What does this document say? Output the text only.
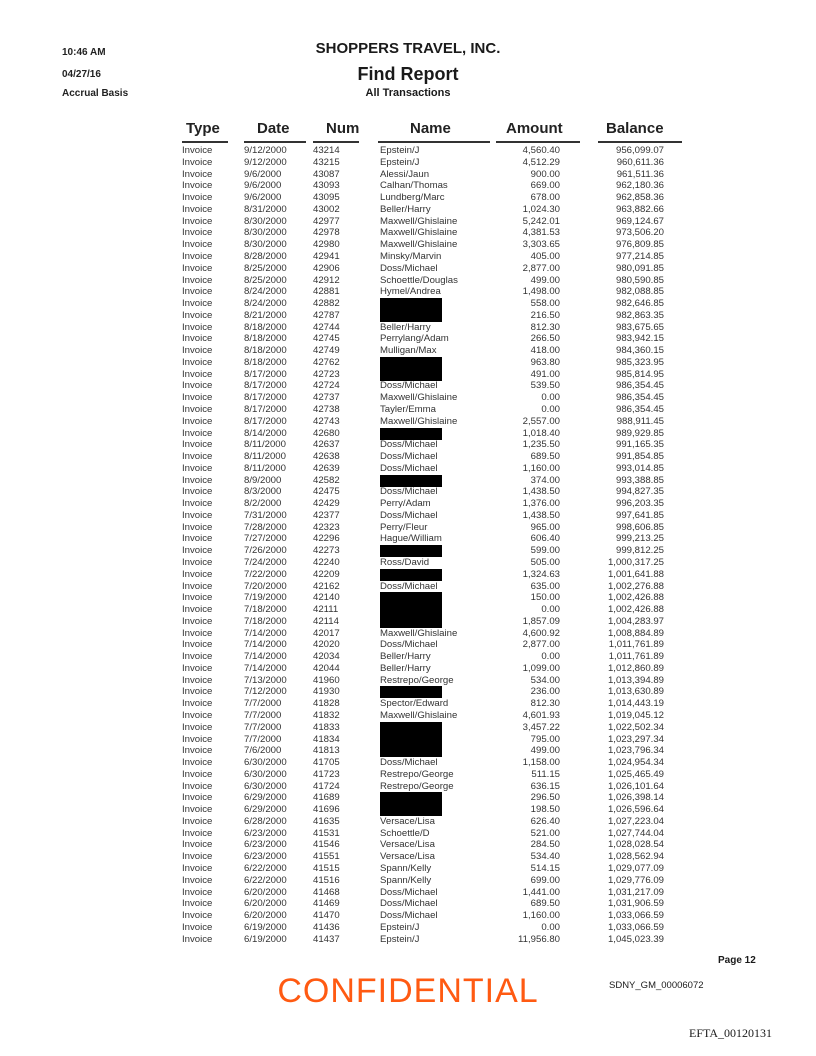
10:46 AM
04/27/16
Accrual Basis
SHOPPERS TRAVEL, INC.
Find Report
All Transactions
Type Date Num	Name	Amount	Balance
Invoice	9/12/2000	43214	Epstein/J	4,560.40	956,099.07
Invoice	9/12/2000	43215	Epstein/J	4,512.29	960,611.36
Invoice	9/6/2000	43087	Alessi/Jaun	900.00	961,511.36
Invoice	9/6/2000	43093	Calhan/Thomas	669.00	962,180.36
Invoice	9/6/2000	43095	Lundberg/Marc	678.00	962,858.36
Invoice	8/31/2000	43002	Beller/Harry	1,024.30	963,882.66
Invoice	8/30/2000	42977	Maxwell/Ghislaine	5,242.01	969,124.67
Invoice	8/30/2000	42978	Maxwell/Ghislaine	4,381.53	973,506.20
Invoice	8/30/2000	42980	Maxwell/Ghislaine	3,303.65	976,809.85
Invoice	8/28/2000	42941	Minsky/Marvin	405.00	977,214.85
Invoice	8/25/2000	42906	Doss/Michael	2,877.00	980,091.85
Invoice	8/25/2000	42912	Schoettle/Douglas	499.00	980,590.85
Invoice	8/24/2000	42881	Hymel/Andrea	1,498.00	982,088.85
Invoice	8/24/2000	42882	558.00	982,646.85
Invoice	8/21/2000	42787	216.50	982,863.35
Invoice	8/18/2000	42744	Beller/Harry	812.30	983,675.65
Invoice	8/18/2000	42745	Perrylang/Adam	266.50	983,942.15
Invoice	8/18/2000	42749	Mulligan/Max	418.00	984,360.15
Invoice	8/18/2000	42762	963.80	985,323.95
Invoice	8/17/2000	42723	491.00	985,814.95
Invoice	8/17/2000	42724	Doss/Michael	539.50	986,354.45
Invoice	8/17/2000	42737	Maxwell/Ghislaine	0.00	986,354.45
Invoice	8/17/2000	42738	Tayler/Emma	0.00	986,354.45
Invoice	8/17/2000	42743	Maxwell/Ghislaine	2,557.00	988,911.45
Invoice	8/14/2000	42680	1,018.40	989,929.85
Invoice	8/11/2000	42637	Doss/Michael	1,235.50	991,165.35
Invoice	8/11/2000	42638	Doss/Michael	689.50	991,854.85
Invoice	8/11/2000	42639	Doss/Michael	1,160.00	993,014.85
Invoice	8/9/2000	42582	374.00	993,388.85
Invoice	8/3/2000	42475	Doss/Michael	1,438.50	994,827.35
Invoice	8/2/2000	42429	Perry/Adam	1,376.00	996,203.35
Invoice	7/31/2000	42377	Doss/Michael	1,438.50	997,641.85
Invoice	7/28/2000	42323	Perry/Fleur	965.00	998,606.85
Invoice	7/27/2000	42296	Hague/William	606.40	999,213.25
Invoice	7/26/2000	42273	599.00	999,812.25
Invoice	7/24/2000	42240	Ross/David	505.00	1,000,317.25
Invoice	7/22/2000	42209	1,324.63	1,001,641.88
Invoice	7/20/2000	42162	Doss/Michael	635.00	1,002,276.88
Invoice	7/19/2000	42140	150.00	1,002,426.88
Invoice	7/18/2000	42111	0.00	1,002,426.88
Invoice	7/18/2000	42114	1,857.09	1,004,283.97
Invoice	7/14/2000	42017	Maxwell/Ghislaine	4,600.92	1,008,884.89
Invoice	7/14/2000	42020	Doss/Michael	2,877.00	1,011,761.89
Invoice	7/14/2000	42034	Beller/Harry	0.00	1,011,761.89
Invoice	7/14/2000	42044	Beller/Harry	1,099.00	1,012,860.89
Invoice	7/13/2000	41960	Restrepo/George	534.00	1,013,394.89
Invoice	7/12/2000	41930	236.00	1,013,630.89
Invoice	7/7/2000	41828	Spector/Edward	812.30	1,014,443.19
Invoice	7/7/2000	41832	Maxwell/Ghislaine	4,601.93	1,019,045.12
Invoice	7/7/2000	41833	3,457.22	1,022,502.34
Invoice	7/7/2000	41834	795.00	1,023,297.34
Invoice	7/6/2000	41813	499.00	1,023,796.34
Invoice	6/30/2000	41705	Doss/Michael	1,158.00	1,024,954.34
Invoice	6/30/2000	41723	Restrepo/George	511.15	1,025,465.49
Invoice	6/30/2000	41724	Restrepo/George	636.15	1,026,101.64
Invoice	6/29/2000	41689	296.50	1,026,398.14
Invoice	6/29/2000	41696	198.50	1,026,596.64
Invoice	6/28/2000	41635	Versace/Lisa	626.40	1,027,223.04
Invoice	6/23/2000	41531	Schoettle/D	521.00	1,027,744.04
Invoice	6/23/2000	41546	Versace/Lisa	284.50	1,028,028.54
Invoice	6/23/2000	41551	Versace/Lisa	534.40	1,028,562.94
Invoice	6/22/2000	41515	Spann/Kelly	514.15	1,029,077.09
Invoice	6/22/2000	41516	Spann/Kelly	699.00	1,029,776.09
Invoice	6/20/2000	41468	Doss/Michael	1,441.00	1,031,217.09
Invoice	6/20/2000	41469	Doss/Michael	689.50	1,031,906.59
Invoice	6/20/2000	41470	Doss/Michael	1,160.00	1,033,066.59
Invoice	6/19/2000	41436	Epstein/J	0.00	1,033,066.59
Invoice	6/19/2000	41437	Epstein/J	11,956.80	1,045,023.39
Page 12
SDNY_GM_00006072
CONFIDENTIAL
EFTA_00120131
